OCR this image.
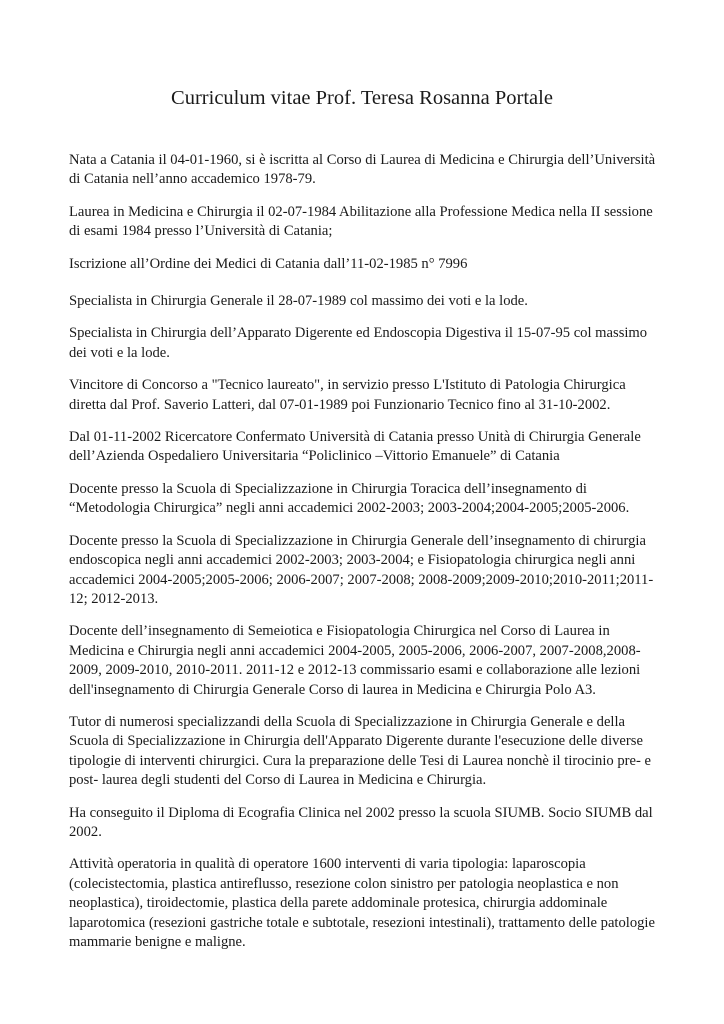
Curriculum vitae Prof. Teresa Rosanna Portale

Nata a Catania il 04-01-1960, si è iscritta al Corso di Laurea di Medicina e Chirurgia dell’Università di Catania nell’anno accademico 1978-79.

Laurea in Medicina e Chirurgia il 02-07-1984 Abilitazione alla Professione Medica nella II sessione di esami 1984 presso l’Università di Catania;

Iscrizione all’Ordine dei Medici di Catania dall’11-02-1985 n° 7996

Specialista in Chirurgia Generale il 28-07-1989 col massimo dei voti e la lode.

Specialista in Chirurgia dell’Apparato Digerente ed Endoscopia Digestiva il 15-07-95 col massimo dei voti e la lode.

Vincitore di Concorso a "Tecnico laureato", in servizio presso L'Istituto di Patologia Chirurgica diretta dal Prof. Saverio Latteri, dal 07-01-1989 poi Funzionario Tecnico fino al 31-10-2002.

Dal 01-11-2002 Ricercatore Confermato Università di Catania presso Unità di Chirurgia Generale dell’Azienda Ospedaliero Universitaria “Policlinico –Vittorio Emanuele” di Catania

Docente presso la Scuola di Specializzazione in Chirurgia Toracica dell’insegnamento di “Metodologia Chirurgica” negli anni accademici 2002-2003; 2003-2004;2004-2005;2005-2006.

Docente presso la Scuola di Specializzazione in Chirurgia Generale dell’insegnamento di chirurgia endoscopica negli anni accademici 2002-2003; 2003-2004; e Fisiopatologia chirurgica negli anni accademici 2004-2005;2005-2006; 2006-2007; 2007-2008; 2008-2009;2009-2010;2010-2011;2011-12; 2012-2013.

Docente dell’insegnamento di Semeiotica e Fisiopatologia Chirurgica nel Corso di Laurea in Medicina e Chirurgia negli anni accademici 2004-2005, 2005-2006, 2006-2007, 2007-2008,2008-2009, 2009-2010, 2010-2011. 2011-12 e 2012-13 commissario esami e collaborazione alle lezioni dell'insegnamento di Chirurgia Generale Corso di laurea in Medicina e Chirurgia Polo A3.

Tutor di numerosi specializzandi della Scuola di Specializzazione in Chirurgia Generale e della Scuola di Specializzazione in Chirurgia dell'Apparato Digerente durante l'esecuzione delle diverse tipologie di interventi chirurgici. Cura la preparazione delle Tesi di Laurea nonchè il tirocinio pre- e post- laurea degli studenti del Corso di Laurea in Medicina e Chirurgia.

Ha conseguito il Diploma di Ecografia Clinica nel 2002 presso la scuola SIUMB. Socio SIUMB dal 2002.

Attività operatoria in qualità di operatore 1600 interventi di varia tipologia: laparoscopia (colecistectomia, plastica antireflusso, resezione colon sinistro per patologia neoplastica e non neoplastica), tiroidectomie, plastica della parete addominale protesica, chirurgia addominale laparotomica (resezioni gastriche totale e subtotale, resezioni intestinali), trattamento delle patologie mammarie benigne e maligne.
